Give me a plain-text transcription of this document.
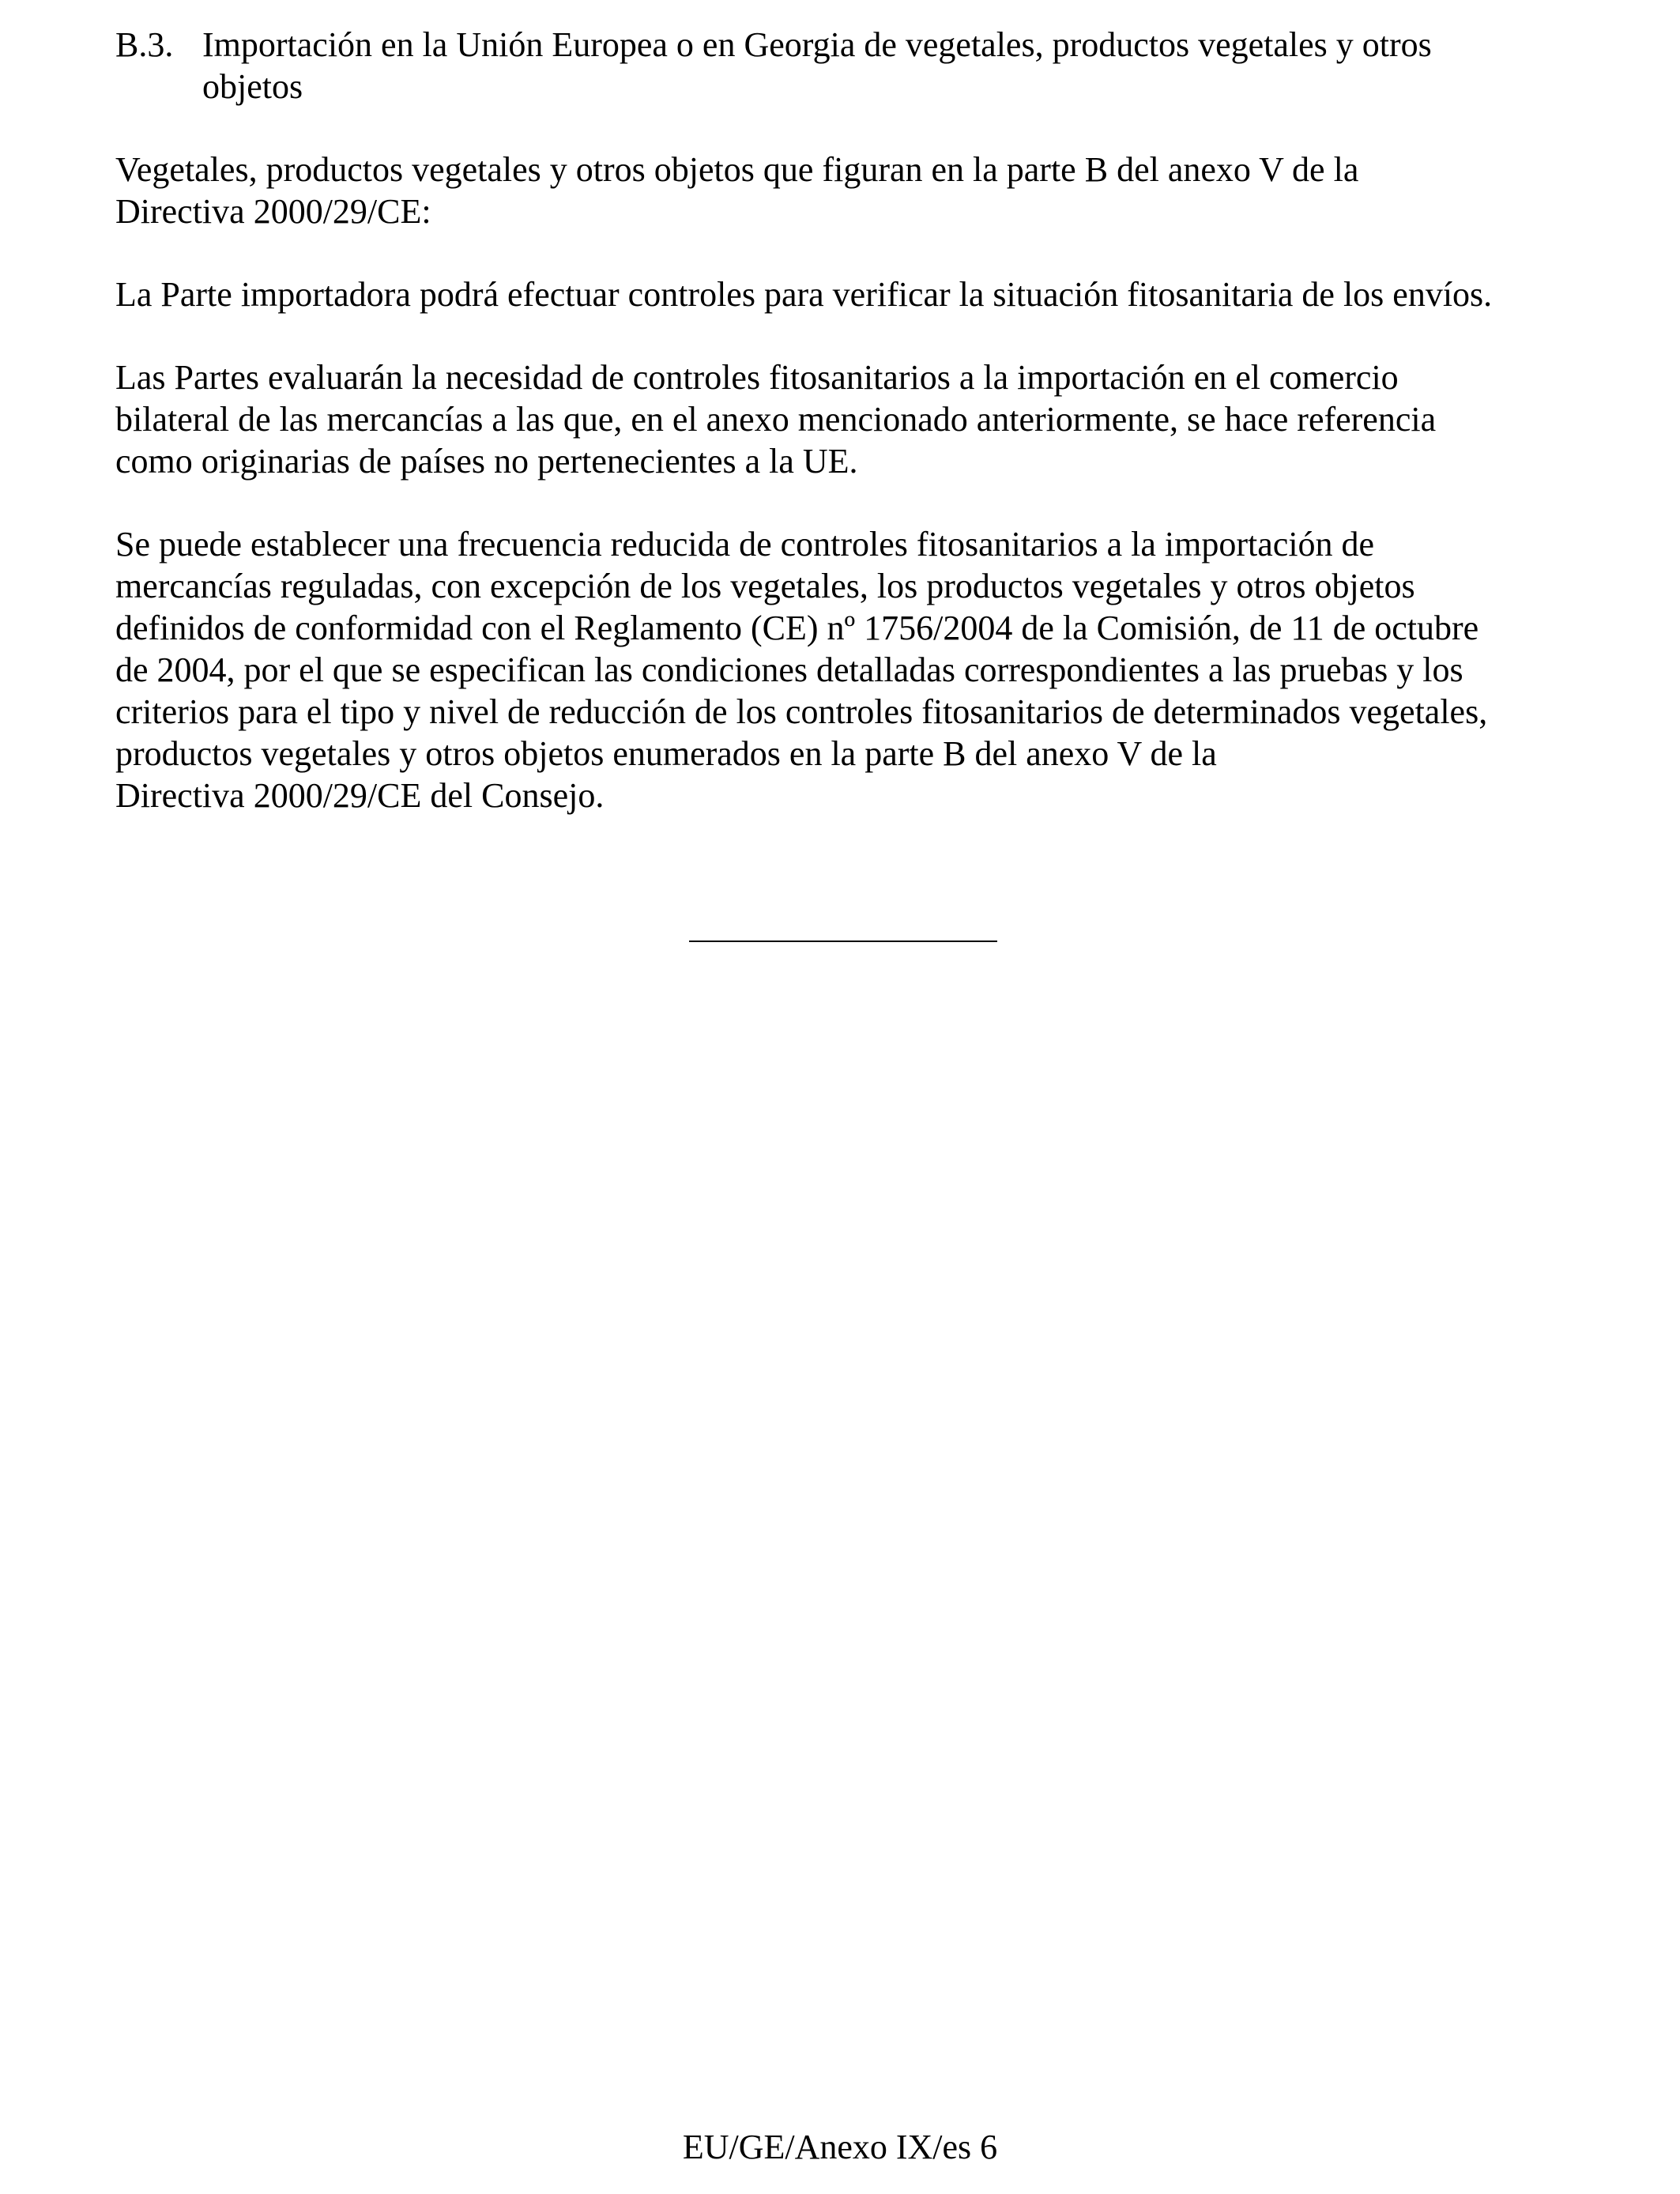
B.3. Importación en la Unión Europea o en Georgia de vegetales, productos vegetales y otros
objetos
Vegetales, productos vegetales y otros objetos que figuran en la parte B del anexo V de la
Directiva 2000/29/CE:
La Parte importadora podrá efectuar controles para verificar la situación fitosanitaria de los envíos.
Las Partes evaluarán la necesidad de controles fitosanitarios a la importación en el comercio
bilateral de las mercancías a las que, en el anexo mencionado anteriormente, se hace referencia
como originarias de países no pertenecientes a la UE.
Se puede establecer una frecuencia reducida de controles fitosanitarios a la importación de
mercancías reguladas, con excepción de los vegetales, los productos vegetales y otros objetos
definidos de conformidad con el Reglamento (CE) nº 1756/2004 de la Comisión, de 11 de octubre
de 2004, por el que se especifican las condiciones detalladas correspondientes a las pruebas y los
criterios para el tipo y nivel de reducción de los controles fitosanitarios de determinados vegetales,
productos vegetales y otros objetos enumerados en la parte B del anexo V de la
Directiva 2000/29/CE del Consejo.
EU/GE/Anexo IX/es 6
